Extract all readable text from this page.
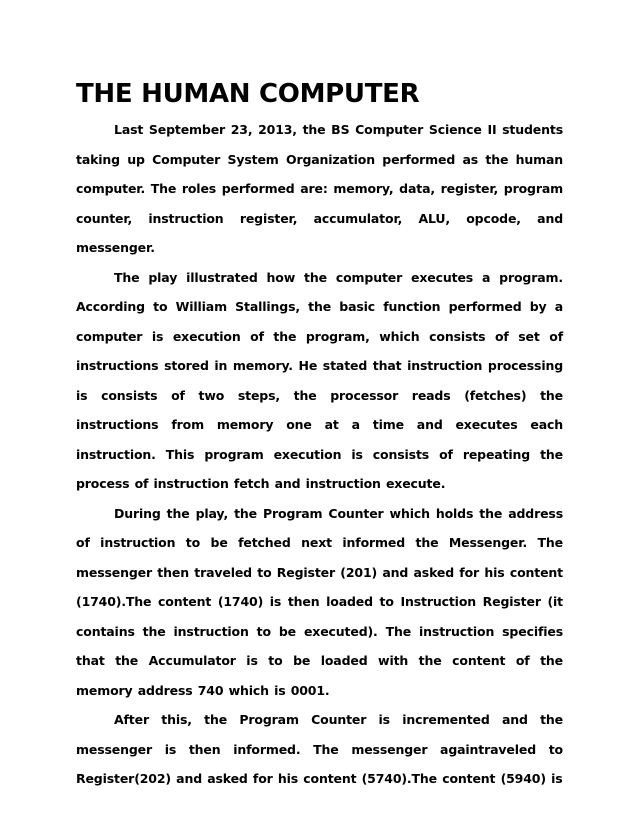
THE HUMAN COMPUTER

Last September 23, 2013, the BS Computer Science II students taking up Computer System Organization performed as the human computer. The roles performed are: memory, data, register, program counter, instruction register, accumulator, ALU, opcode, and messenger.

The play illustrated how the computer executes a program. According to William Stallings, the basic function performed by a computer is execution of the program, which consists of set of instructions stored in memory. He stated that instruction processing is consists of two steps, the processor reads (fetches) the instructions from memory one at a time and executes each instruction. This program execution is consists of repeating the process of instruction fetch and instruction execute.

During the play, the Program Counter which holds the address of instruction to be fetched next informed the Messenger. The messenger then traveled to Register (201) and asked for his content (1740).The content (1740) is then loaded to Instruction Register (it contains the instruction to be executed). The instruction specifies that the Accumulator is to be loaded with the content of the memory address 740 which is 0001.

After this, the Program Counter is incremented and the messenger is then informed. The messenger againtraveled to Register(202) and asked for his content (5740).The content (5940) is
